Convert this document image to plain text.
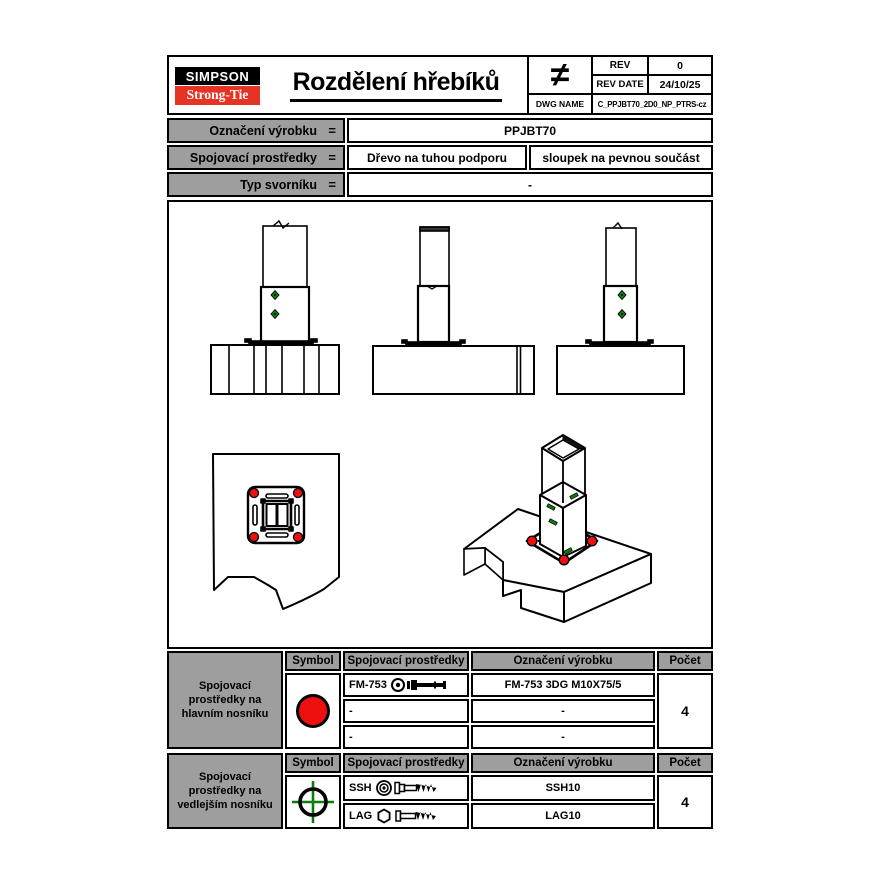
SIMPSON
Strong-Tie	Rozdělení hřebíků	≠	REV	0
REV DATE	24/10/25
DWG NAME	C_PPJBT70_2D0_NP_PTRS-cz
Označení výrobku =	PPJBT70
Spojovací prostředky =	Dřevo na tuhou podporu	sloupek na pevnou součást
Typ svorníku =	-
Spojovací prostředky na hlavním nosníku
Symbol	Spojovací prostředky	Označení výrobku	Počet
FM-753	FM-753 3DG M10X75/5
-	-
-	-
4
Spojovací prostředky na vedlejším nosníku
Symbol	Spojovací prostředky	Označení výrobku	Počet
SSH	SSH10
LAG	LAG10
4
